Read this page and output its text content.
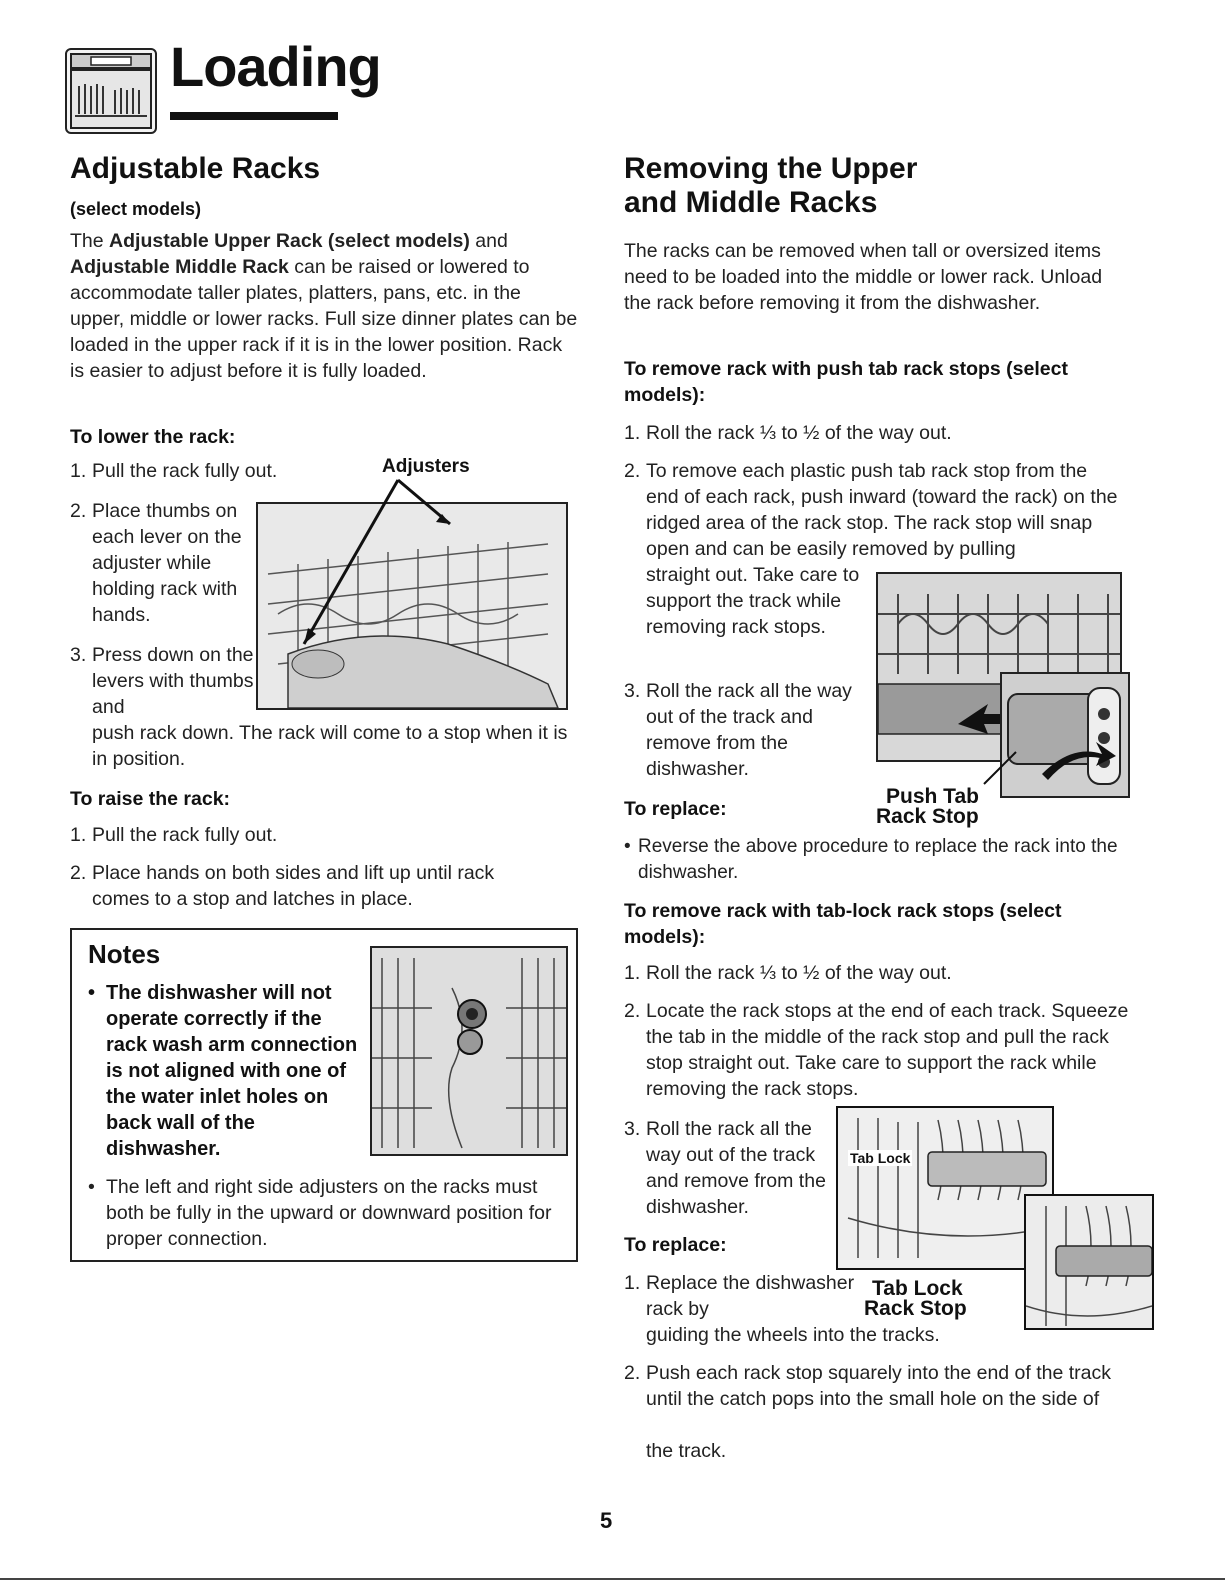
Loading
Adjustable Racks
(select models)
The Adjustable Upper Rack (select models) and Adjustable Middle Rack can be raised or lowered to accommodate taller plates, platters, pans, etc. in the upper, middle or lower racks. Full size dinner plates can be loaded in the upper rack if it is in the lower position. Rack is easier to adjust before it is fully loaded.
To lower the rack:
1. Pull the rack fully out.
2. Place thumbs on each lever on the adjuster while holding rack with hands.
3. Press down on the levers with thumbs and
push rack down. The rack will come to a stop when it is in position.
Adjusters
To raise the rack:
1. Pull the rack fully out.
2. Place hands on both sides and lift up until rack comes to a stop and latches in place.
Notes
• The dishwasher will not operate correctly if the rack wash arm connection is not aligned with one of the water inlet holes on back wall of the dishwasher.
• The left and right side adjusters on the racks must both be fully in the upward or downward position for proper connection.
Removing the Upper
and Middle Racks
The racks can be removed when tall or oversized items need to be loaded into the middle or lower rack. Unload the rack before removing it from the dishwasher.
To remove rack with push tab rack stops (select models):
1. Roll the rack ⅓ to ½ of the way out.
2. To remove each plastic push tab rack stop from the end of each rack, push inward (toward the rack) on the ridged area of the rack stop. The rack stop will snap open and can be easily removed by pulling
straight out. Take care to support the track while removing rack stops.
3. Roll the rack all the way out of the track and remove from the dishwasher.
Push Tab
Rack Stop
To replace:
• Reverse the above procedure to replace the rack into the dishwasher.
To remove rack with tab-lock rack stops (select models):
1. Roll the rack ⅓ to ½ of the way out.
2. Locate the rack stops at the end of each track. Squeeze the tab in the middle of the rack stop and pull the rack stop straight out. Take care to support the rack while removing the rack stops.
3. Roll the rack all the way out of the track and remove from the dishwasher.
Tab Lock
To replace:
1. Replace the dishwasher rack by
guiding the wheels into the tracks.
2. Push each rack stop squarely into the end of the track until the catch pops into the small hole on the side of
the track.
Tab Lock
Rack Stop
5
